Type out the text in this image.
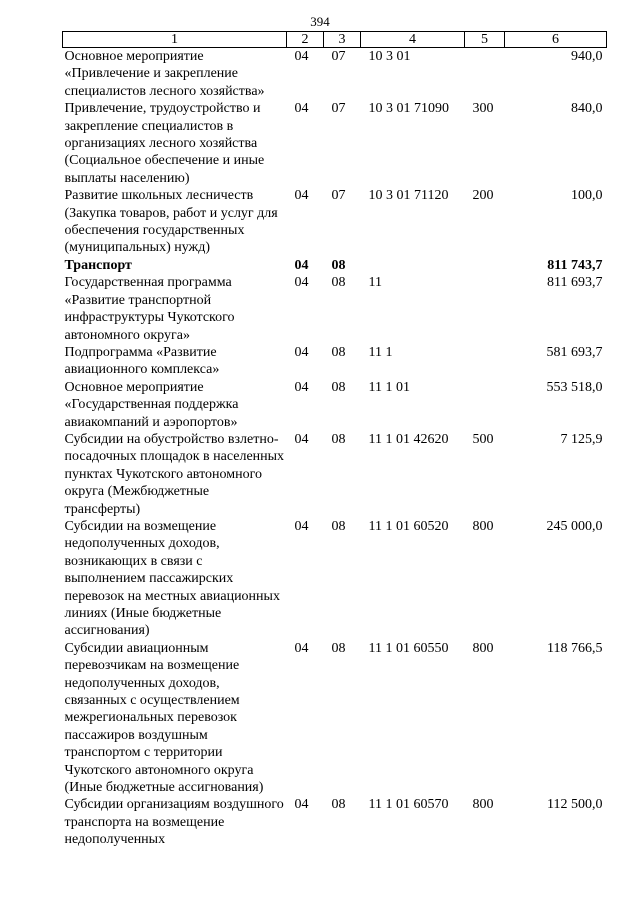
394
1	2	3	4	5	6
Основное мероприятие «Привлечение и закрепление специалистов лесного хозяйства»	04	07	10 3 01		940,0
Привлечение, трудоустройство и закрепление специалистов в организациях лесного хозяйства (Социальное обеспечение и иные выплаты населению)	04	07	10 3 01 71090	300	840,0
Развитие школьных лесничеств (Закупка товаров, работ и услуг для обеспечения государственных (муниципальных) нужд)	04	07	10 3 01 71120	200	100,0
Транспорт	04	08			811 743,7
Государственная программа «Развитие транспортной инфраструктуры Чукотского автономного округа»	04	08	11		811 693,7
Подпрограмма «Развитие авиационного комплекса»	04	08	11 1		581 693,7
Основное мероприятие «Государственная поддержка авиакомпаний и аэропортов»	04	08	11 1 01		553 518,0
Субсидии на обустройство взлетно-посадочных площадок в населенных пунктах Чукотского автономного округа (Межбюджетные трансферты)	04	08	11 1 01 42620	500	7 125,9
Субсидии на возмещение недополученных доходов, возникающих в связи с выполнением пассажирских перевозок на местных авиационных линиях (Иные бюджетные ассигнования)	04	08	11 1 01 60520	800	245 000,0
Субсидии авиационным перевозчикам на возмещение недополученных доходов, связанных с осуществлением межрегиональных перевозок пассажиров воздушным транспортом с территории Чукотского автономного округа (Иные бюджетные ассигнования)	04	08	11 1 01 60550	800	118 766,5
Субсидии организациям воздушного транспорта на возмещение недополученных	04	08	11 1 01 60570	800	112 500,0
